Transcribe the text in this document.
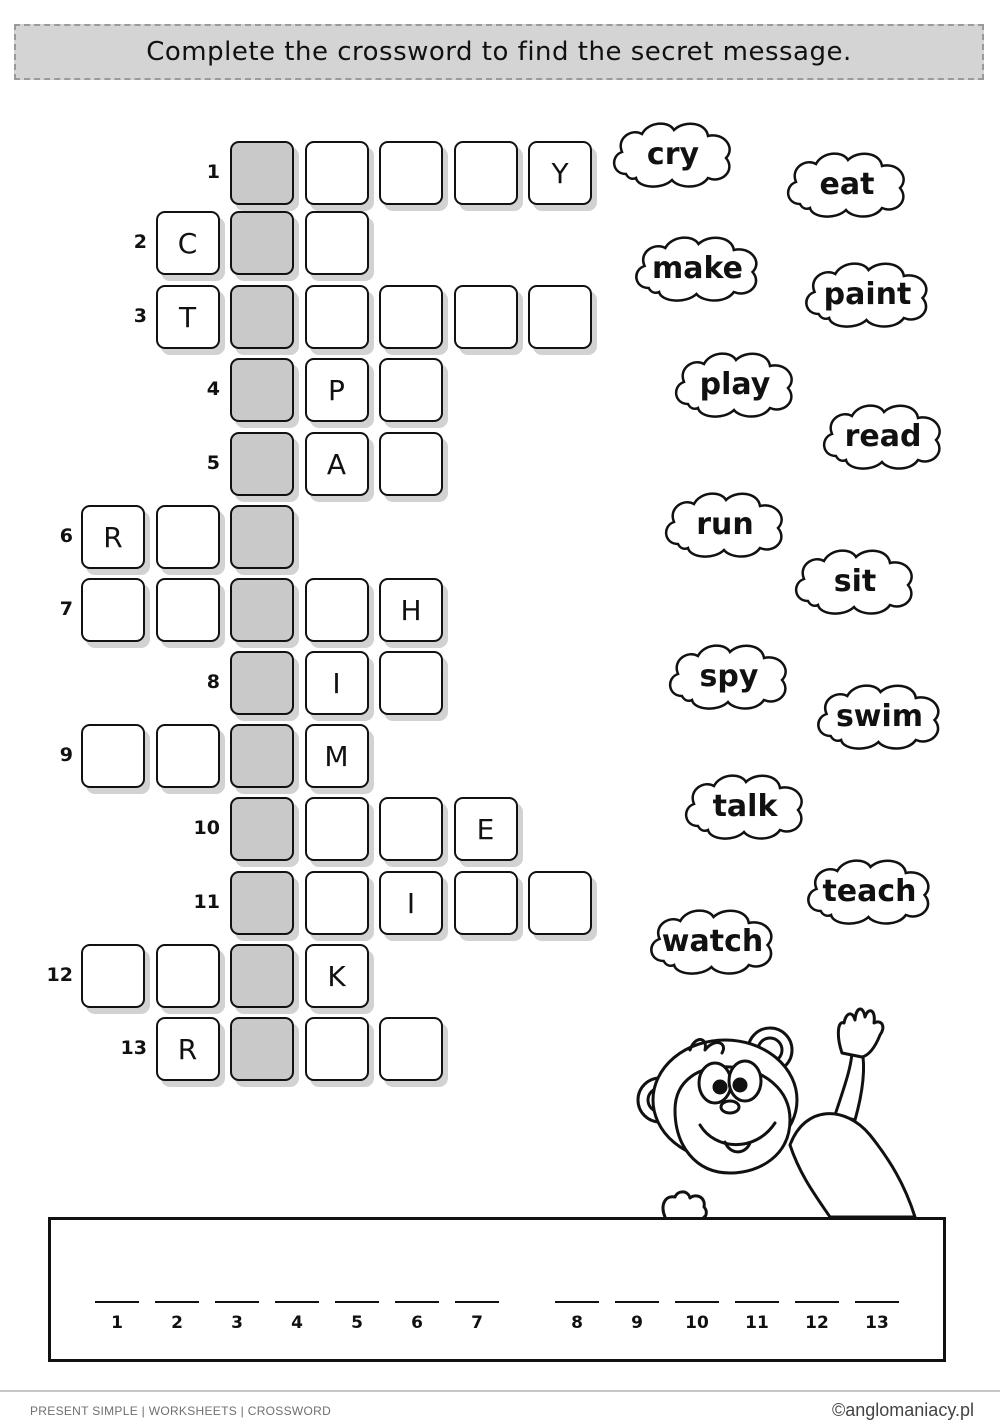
Complete the crossword to find the secret message.
1	Y
2	C
3	T
4	P
5	A
6	R
7	H
8	I
9	M
10	E
11	I
12	K
13	R
cry
eat
make
paint
play
read
run
sit
spy
swim
talk
teach
watch
1	2	3	4	5	6	7	8	9	10	11	12	13
PRESENT SIMPLE | WORKSHEETS | CROSSWORD	©anglomaniacy.pl
